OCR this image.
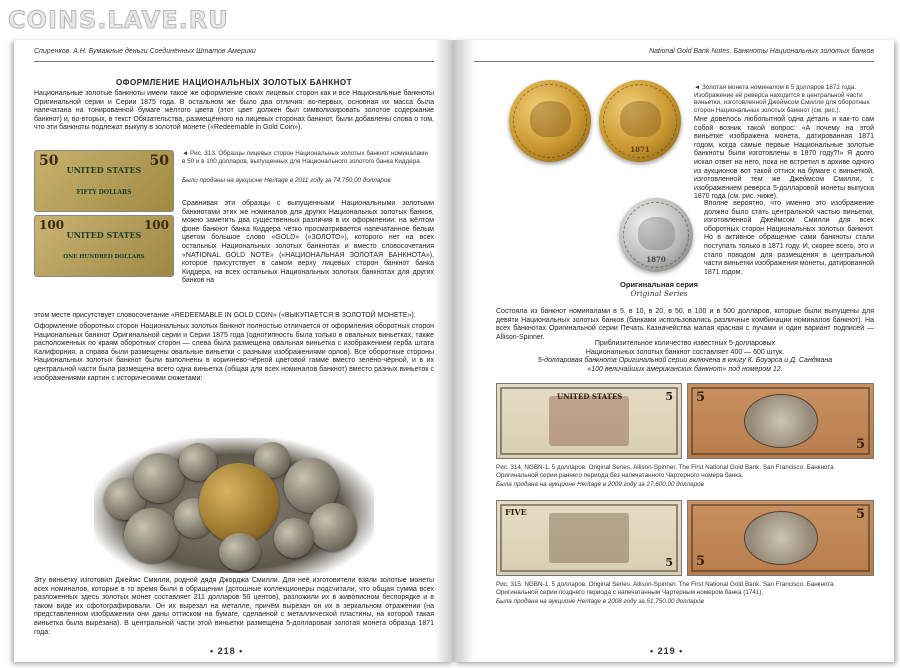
COINS.LAVE.RU
Спиренков. А.Н. Бумажные деньги Соединённых Штатов Америки
ОФОРМЛЕНИЕ НАЦИОНАЛЬНЫХ ЗОЛОТЫХ БАНКНОТ
Национальные золотые банкноты имели такое же оформление своих лицевых сторон как и все Национальные банкноты Оригинальной серии и Серии 1875 года. В остальном же было два отличия: во-первых, основная их масса была напечатана на тонированной бумаге жёлтого цвета (этот цвет должен был символизировать золотое содержание банкнот) и, во-вторых, в текст Обязательства, размещённого на лицевых сторонах банкнот, были добавлены слова о том, что эти банкноты подлежат выкупу в золотой монете («Redeemable in Gold Coin»).
50	50
UNITED STATES
FIFTY DOLLARS
100	100
UNITED STATES
ONE HUNDRED DOLLARS
◄ Рис. 313. Образцы лицевых сторон Национальных золотых банкнот номиналами в 50 и в 100 долларов, выпущенных для Национального золотого банка Киддера.
Были проданы на аукционе Heritage в 2011 году за 74,750.00 долларов
Сравнивая эти образцы с выпущенными Национальными золотыми банкнотами этих же номиналов для других Национальных золотых банков, можно заметить два существенных различия в их оформлении: на жёлтом фоне банкнот банка Киддера чётко просматривается напечатанное белым цветом большое слово «GOLD» («ЗОЛОТО»), которого нет на всех остальных Национальных золотых банкнотах и вместо словосочетания «NATIONAL GOLD NOTE» («НАЦИОНАЛЬНАЯ ЗОЛОТАЯ БАНКНОТА»), которое присутствует в самом верху лицевых сторон банкнот банка Киддера, на всех остальных Национальных золотых банкнотах для других банков на
этом месте присутствует словосочетание «REDEEMABLE IN GOLD COIN» («ВЫКУПАЕТСЯ В ЗОЛОТОЙ МОНЕТЕ»).
Оформление оборотных сторон Национальных золотых банкнот полностью отличается от оформления оборотных сторон Национальных банкнот Оригинальной серии и Серии 1875 года (однотипность была только в овальных виньетках, также расположенных по краям оборотных сторон — слева была размещена овальная виньетка с изображением герба штата Калифорния, а справа были размещены овальные виньетки с разными изображениями орлов). Все оборотные стороны Национальных золотых банкнот были выполнены в коричнево-чёрной цветовой гамме вместо зелёно-чёрной, и в их центральной части была размещена всего одна виньетка (общая для всех номиналов банкнот) вместо разных виньеток с изображениями картин с историческими сюжетами:
Эту виньетку изготовил Джеймс Смилли, родной дядя Джорджа Смилли. Для неё изготовители взяли золотые монеты всех номиналов, которые в то время были в обращении (дотошные коллекционеры подсчитали, что общая сумма всех разложенных здесь золотых монет составляет 211 долларов 50 центов), разложили их в живописном беспорядке и в таком виде их сфотографировали. Он их вырезал на металле, причём вырезан он их в зеркальном отражении (на представленном изображении они даны оттиском на бумаге, сделанной с металлической пластины, на которой такая виньетка была вырезана). В центральной части этой виньетки размещена 5-долларовая золотая монета образца 1871 года:
• 218 •
National Gold Bank Notes. Банкноты Национальных золотых банков
1871
◄ Золотая монета номиналом в 5 долларов 1871 года. Изображение её реверса находится в центральной части виньетки, изготовленной Джеймсом Смилли для оборотных сторон Национальных золотых банкнот (см. рис.).
Мне довелось любопытной одна деталь и как-то сам собой возник такой вопрос: «А почему на этой виньетке изображена монета, датированная 1871 годом, когда самые первые Национальные золотые банкноты были изготовлены в 1870 году?!» Я долго искал ответ на него, пока не встретил в архиве одного из аукционов вот такой оттиск на бумаге с виньеткой, изготовленной тем же Джеймсом Смилли, с изображением реверса 5-долларовой монеты выпуска 1870 года (см. рис. ниже).
1870
Вполне вероятно, что именно это изображение должно было стать центральной частью виньетки, изготовленной Джеймсом Смилли для всех оборотных сторон Национальных золотых банкнот. Но в активное обращение сами банкноты стали поступать только в 1871 году. И, скорее всего, это и стало поводом для размещения в центральной части виньетки изображения монеты, датированной 1871 годом.
Оригинальная серия
Original Series
Состояла из банкнот номиналами в 5, в 10, в 20, в 50, в 100 и в 500 долларов, которые были выпущены для девяти Национальных золотых банков (банками использовались различные комбинации номиналов банкнот). На всех банкнотах Оригинальной серии Печать Казначейства малая красная с лучами и один вариант подписей — Allison-Spinner.
Приблизительное количество известных 5-долларовых
Национальных золотых банкнот составляет 400 — 600 штук.
5-долларовая банкнота Оригинальной серии включена в книгу К. Боуэрса и Д. Сандмана
«100 величайших американских банкнот» под номером 12.
5
UNITED STATES	5
5
Рис. 314. NGBN-1. 5 долларов. Original Series. Allison-Spinner. The First National Gold Bank. San Francisco. Банкнота Оригинальной серии раннего периода без напечатанного Чартерного номера банка.
Была продана на аукционе Heritage в 2009 году за 27,600.00 долларов
FIVE
5
5
5
Рис. 315. NGBN-1. 5 долларов. Original Series. Allison-Spinner. The First National Gold Bank. San Francisco. Банкнота Оригинальной серии позднего периода с напечатанным Чартерным номером банка (1741).
Была продана на аукционе Heritage в 2008 году за 51,750.00 долларов
• 219 •
